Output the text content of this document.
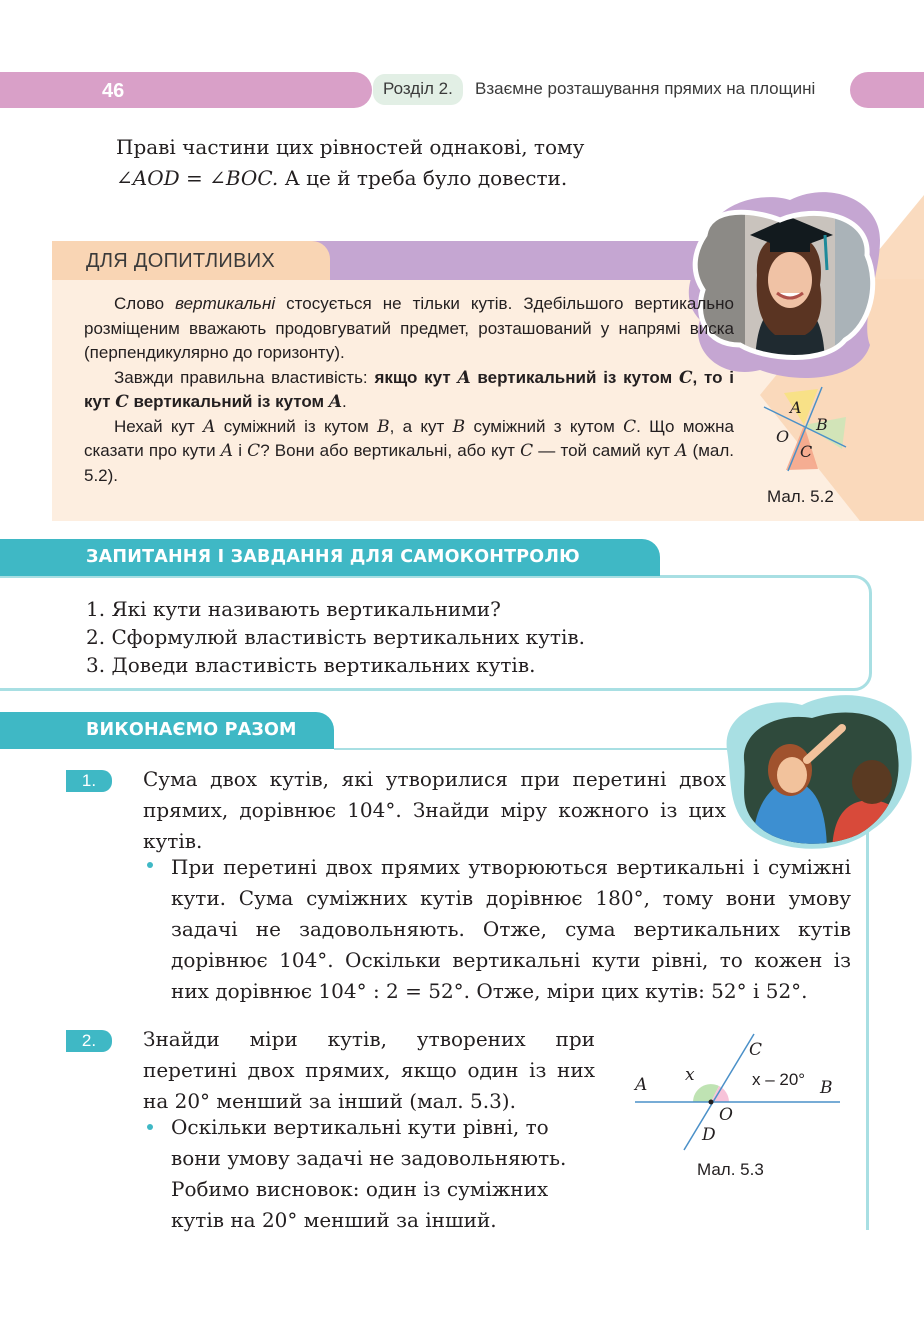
46	Розділ 2. Взаємне розташування прямих на площині
Праві частини цих рівностей однакові, тому
∠AOD = ∠BOC. А це й треба було довести.
ДЛЯ ДОПИТЛИВИХ

Слово вертикальні стосується не тільки кутів. Здебільшого вертикально розміщеним вважають продовгуватий предмет, розташований у напрямі виска (перпендикулярно до горизонту).

Завжди правильна властивість: якщо кут A вертикальний із кутом C, то і кут C вертикальний із кутом A.

Нехай кут A суміжний із кутом B, а кут B суміжний з кутом C. Що можна сказати про кути A і C? Вони або вертикальні, або кут C — той самий кут A (мал. 5.2).

A
B
C
O
Мал. 5.2
ЗАПИТАННЯ І ЗАВДАННЯ ДЛЯ САМОКОНТРОЛЮ
1. Які кути називають вертикальними?
2. Сформулюй властивість вертикальних кутів.
3. Доведи властивість вертикальних кутів.
ВИКОНАЄМО РАЗОМ
1.	Сума двох кутів, які утворилися при перетині двох прямих, дорівнює 104°. Знайди міру кожного із цих кутів.
При перетині двох прямих утворюються вертикальні і суміжні кути. Сума суміжних кутів дорівнює 180°, тому вони умову задачі не задовольняють. Отже, сума вертикальних кутів дорівнює 104°. Оскільки вертикальні кути рівні, то кожен із них дорівнює 104° : 2 = 52°. Отже, міри цих кутів: 52° і 52°.
2.	Знайди міри кутів, утворених при перетині двох прямих, якщо один із них на 20° менший за інший (мал. 5.3).
Оскільки вертикальні кути рівні, то вони умову задачі не задовольняють. Робимо висновок: один із суміжних кутів на 20° менший за інший.
A	B
C
D
O
x	x – 20°
Мал. 5.3
